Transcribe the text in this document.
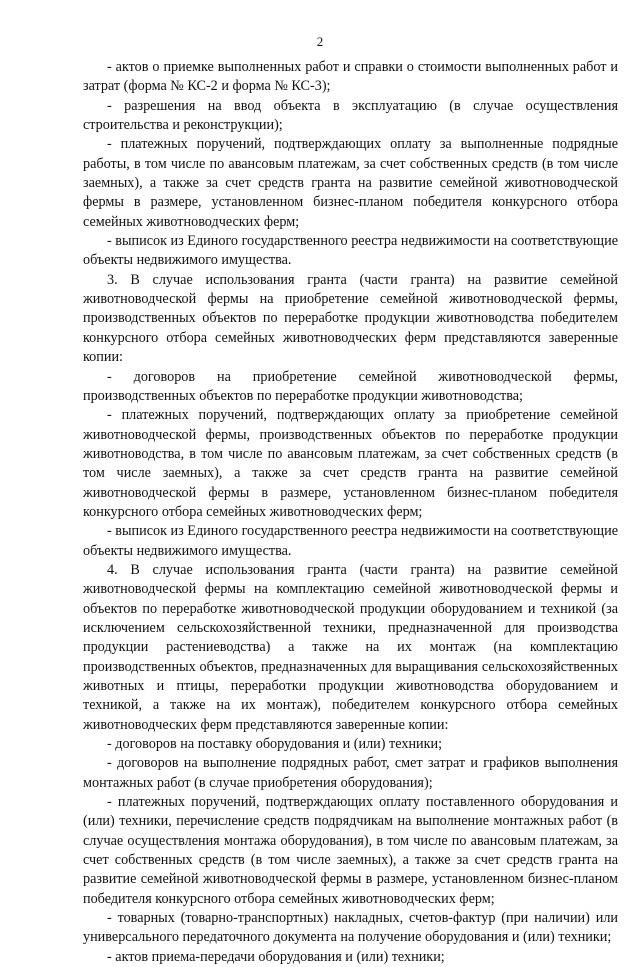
2

- актов о приемке выполненных работ и справки о стоимости выполненных работ и затрат (форма № КС-2 и форма № КС-3);

- разрешения на ввод объекта в эксплуатацию (в случае осуществления строительства и реконструкции);

- платежных поручений, подтверждающих оплату за выполненные подрядные работы, в том числе по авансовым платежам, за счет собственных средств (в том числе заемных), а также за счет средств гранта на развитие семейной животноводческой фермы в размере, установленном бизнес-планом победителя конкурсного отбора семейных животноводческих ферм;

- выписок из Единого государственного реестра недвижимости на соответствующие объекты недвижимого имущества.

3. В случае использования гранта (части гранта) на развитие семейной животноводческой фермы на приобретение семейной животноводческой фермы, производственных объектов по переработке продукции животноводства победителем конкурсного отбора семейных животноводческих ферм представляются заверенные копии:

- договоров на приобретение семейной животноводческой фермы, производственных объектов по переработке продукции животноводства;

- платежных поручений, подтверждающих оплату за приобретение семейной животноводческой фермы, производственных объектов по переработке продукции животноводства, в том числе по авансовым платежам, за счет собственных средств (в том числе заемных), а также за счет средств гранта на развитие семейной животноводческой фермы в размере, установленном бизнес-планом победителя конкурсного отбора семейных животноводческих ферм;

- выписок из Единого государственного реестра недвижимости на соответствующие объекты недвижимого имущества.

4. В случае использования гранта (части гранта) на развитие семейной животноводческой фермы на комплектацию семейной животноводческой фермы и объектов по переработке животноводческой продукции оборудованием и техникой (за исключением сельскохозяйственной техники, предназначенной для производства продукции растениеводства) а также на их монтаж (на комплектацию производственных объектов, предназначенных для выращивания сельскохозяйственных животных и птицы, переработки продукции животноводства оборудованием и техникой, а также на их монтаж), победителем конкурсного отбора семейных животноводческих ферм представляются заверенные копии:

- договоров на поставку оборудования и (или) техники;

- договоров на выполнение подрядных работ, смет затрат и графиков выполнения монтажных работ (в случае приобретения оборудования);

- платежных поручений, подтверждающих оплату поставленного оборудования и (или) техники, перечисление средств подрядчикам на выполнение монтажных работ (в случае осуществления монтажа оборудования), в том числе по авансовым платежам, за счет собственных средств (в том числе заемных), а также за счет средств гранта на развитие семейной животноводческой фермы в размере, установленном бизнес-планом победителя конкурсного отбора семейных животноводческих ферм;

- товарных (товарно-транспортных) накладных, счетов-фактур (при наличии) или универсального передаточного документа на получение оборудования и (или) техники;

- актов приема-передачи оборудования и (или) техники;
